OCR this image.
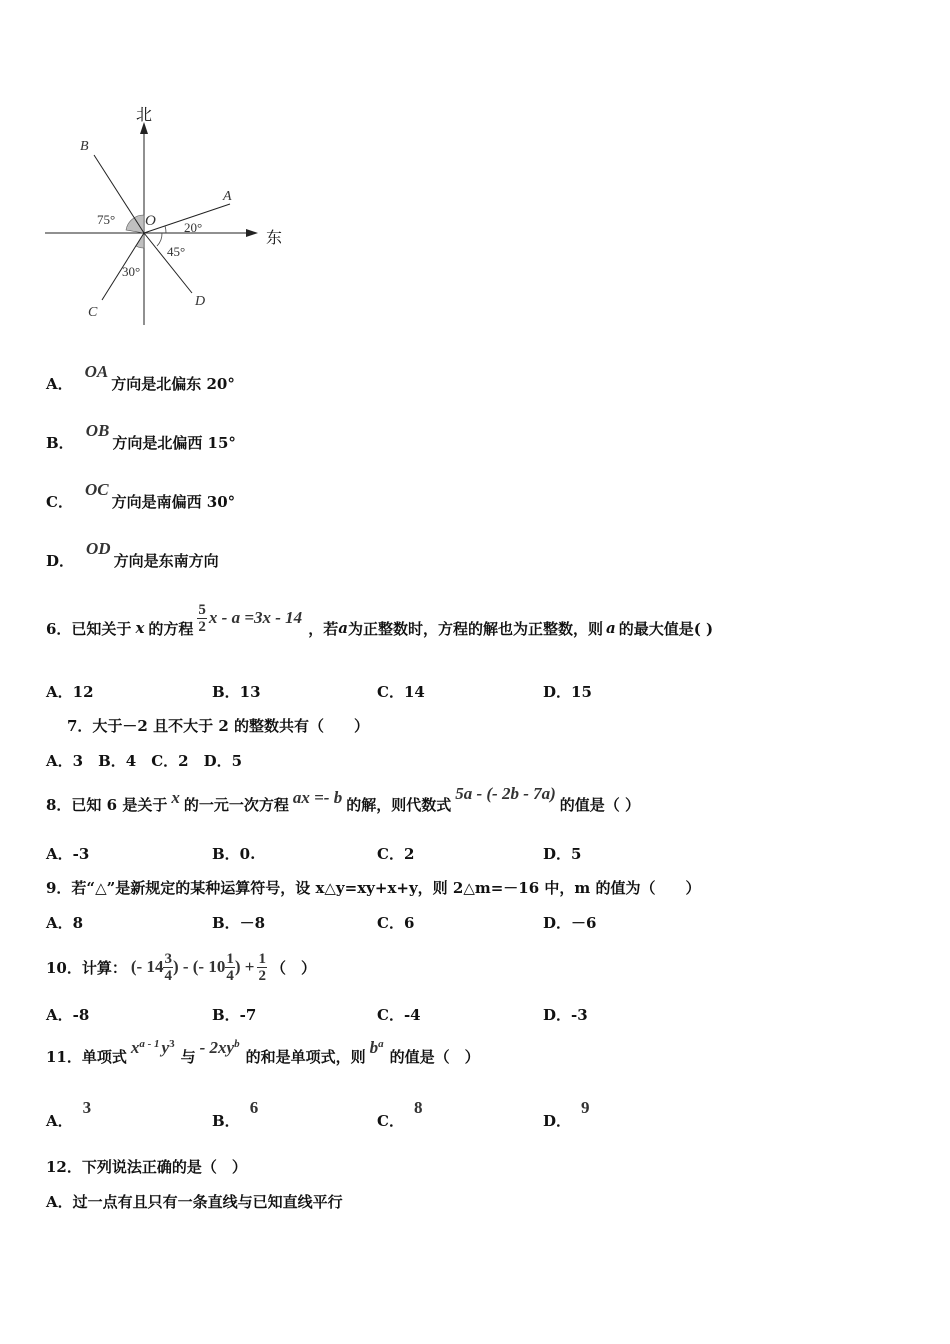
北
东
B
A
C
D
O
75°
20°
45°
30°
A．OA方向是北偏东 20°
B．OB方向是北偏西 15°
C．OC方向是南偏西 30°
D．OD方向是东南方向
6．已知关于 x 的方程 $\frac{5}{2}$ x - a =3x - 14
，若 a 为正整数时，方程的解也为正整数，则 a 的最大值是( )
A．12	B．13	C．14	D．15
7．大于－2 且不大于 2 的整数共有（　　）
A．3　B．4　C．2　D．5
8．已知 6 是关于 x 的一元一次方程 ax =- b 的解，则代数式
5a - (- 2b - 7a)
的值是（ ）
A．-3	B．0.	C．2	D．5
9．若“△”是新规定的某种运算符号，设 x△y=xy+x+y，则 2△m=－16 中，m 的值为（　　）
A．8	B．－8	C．6	D．－6
10．计算： (- $14 \frac{3}{4}$ ) - (- $10 \frac{1}{4}$ ) + $\frac{1}{2}$ （　）
A．-8	B．-7	C．-4	D．-3
11．单项式 $x^{a - 1}$ $y^3$
与 - $2xy^b$
的和是单项式，则 $b^a$
的值是（　）
A．3
B．6
C．8
D．9
12．下列说法正确的是（　）
A．过一点有且只有一条直线与已知直线平行
